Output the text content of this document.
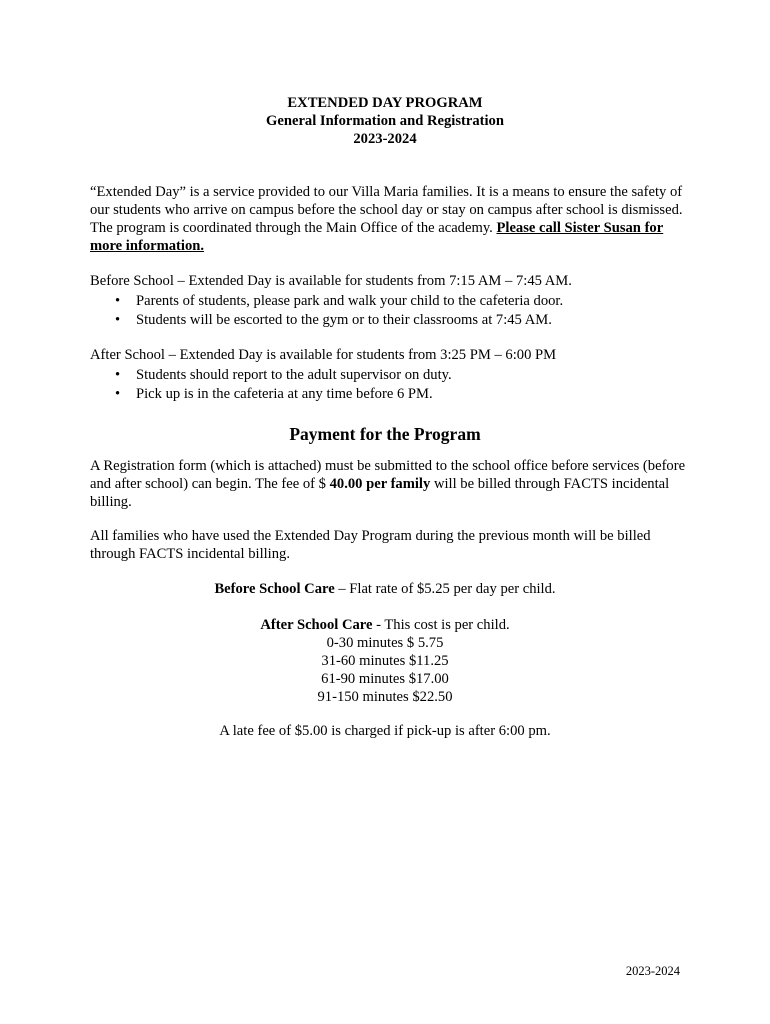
EXTENDED DAY PROGRAM
General Information and Registration
2023-2024
“Extended Day” is a service provided to our Villa Maria families. It is a means to ensure the safety of our students who arrive on campus before the school day or stay on campus after school is dismissed. The program is coordinated through the Main Office of the academy. Please call Sister Susan for more information.
Before School – Extended Day is available for students from 7:15 AM – 7:45 AM.
• Parents of students, please park and walk your child to the cafeteria door.
• Students will be escorted to the gym or to their classrooms at 7:45 AM.
After School – Extended Day is available for students from 3:25 PM – 6:00 PM
• Students should report to the adult supervisor on duty.
• Pick up is in the cafeteria at any time before 6 PM.
Payment for the Program
A Registration form (which is attached) must be submitted to the school office before services (before and after school) can begin. The fee of $ 40.00 per family will be billed through FACTS incidental billing.
All families who have used the Extended Day Program during the previous month will be billed through FACTS incidental billing.
Before School Care – Flat rate of $5.25 per day per child.
After School Care - This cost is per child.
0-30 minutes $ 5.75
31-60 minutes $11.25
61-90 minutes $17.00
91-150 minutes $22.50
A late fee of $5.00 is charged if pick-up is after 6:00 pm.
2023-2024
